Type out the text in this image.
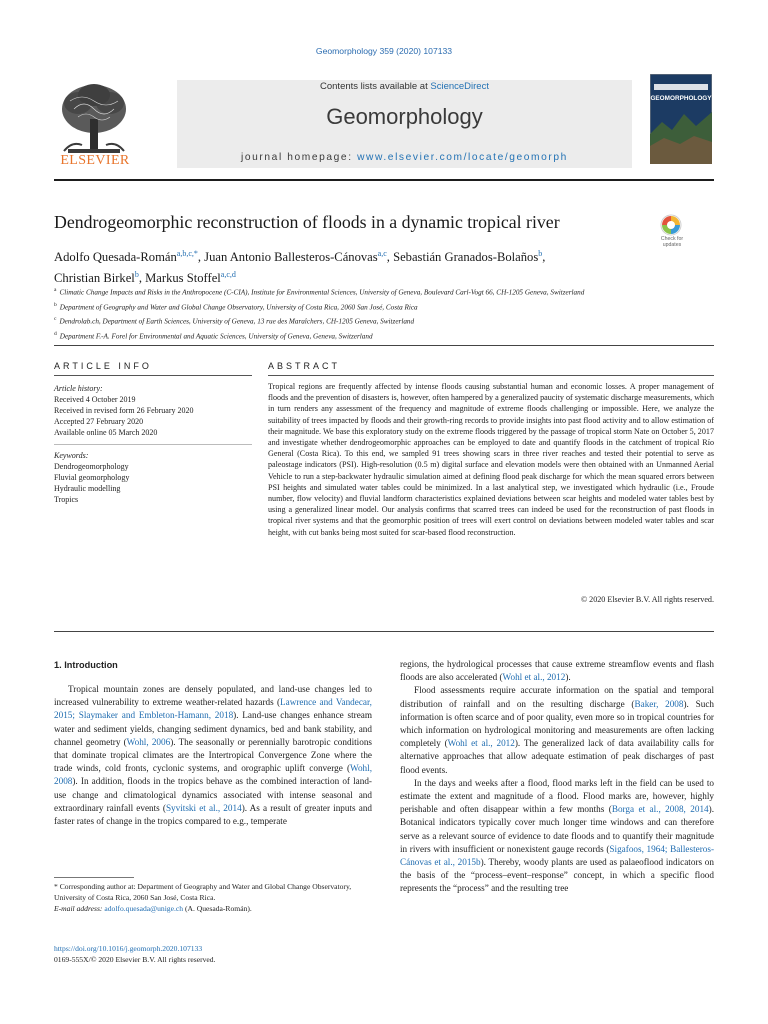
Geomorphology 359 (2020) 107133
ELSEVIER
Contents lists available at ScienceDirect
Geomorphology
journal homepage: www.elsevier.com/locate/geomorph
GEOMORPHOLOGY
Dendrogeomorphic reconstruction of floods in a dynamic tropical river
Check for
updates
Adolfo Quesada-Román$^{a,b,c,*}$, Juan Antonio Ballesteros-Cánovas$^{a,c}$, Sebastián Granados-Bolaños$^b$,
Christian Birkel$^b$, Markus Stoffel$^{a,c,d}$
$^a$ Climatic Change Impacts and Risks in the Anthropocene (C-CIA), Institute for Environmental Sciences, University of Geneva, Boulevard Carl-Vogt 66, CH-1205 Geneva, Switzerland
$^b$ Department of Geography and Water and Global Change Observatory, University of Costa Rica, 2060 San José, Costa Rica
$^c$ Dendrolab.ch, Department of Earth Sciences, University of Geneva, 13 rue des Maraîchers, CH-1205 Geneva, Switzerland
$^d$ Department F.-A. Forel for Environmental and Aquatic Sciences, University of Geneva, Geneva, Switzerland
ARTICLE INFO
Article history:
Received 4 October 2019
Received in revised form 26 February 2020
Accepted 27 February 2020
Available online 05 March 2020
Keywords:
Dendrogeomorphology
Fluvial geomorphology
Hydraulic modelling
Tropics
ABSTRACT
Tropical regions are frequently affected by intense floods causing substantial human and economic losses. A proper management of floods and the prevention of disasters is, however, often hampered by a generalized paucity of systematic discharge measurements, which in turn renders any assessment of the frequency and magnitude of extreme floods challenging or impossible. Here, we analyze the suitability of trees impacted by floods and their growth-ring records to provide insights into past flood activity and to allow estimation of their magnitude. We base this exploratory study on the extreme floods triggered by the passage of tropical storm Nate on October 5, 2017 and investigate whether dendrogeomorphic approaches can be employed to date and quantify floods in the catchment of tropical Río General (Costa Rica). To this end, we sampled 91 trees showing scars in three river reaches and tested their potential to serve as paleostage indicators (PSI). High-resolution (0.5 m) digital surface and elevation models were then obtained with an Unmanned Aerial Vehicle to run a step-backwater hydraulic simulation aimed at defining flood peak discharge for which the mean squared errors between PSI heights and simulated water tables could be minimized. In a last analytical step, we investigated which hydraulic (i.e., Froude number, flow velocity) and fluvial landform characteristics explained deviations between scar heights and modeled water tables best by using a generalized linear model. Our analysis confirms that scarred trees can indeed be used for the reconstruction of past floods in tropical river systems and that the geomorphic position of trees will exert control on deviations between modeled water tables and scar height, with cut banks being most suited for scar-based flood reconstruction.
© 2020 Elsevier B.V. All rights reserved.
1. Introduction

Tropical mountain zones are densely populated, and land-use changes led to increased vulnerability to extreme weather-related hazards (Lawrence and Vandecar, 2015; Slaymaker and Embleton-Hamann, 2018). Land-use changes enhance stream water and sediment yields, changing sediment dynamics, bed and bank stability, and channel geometry (Wohl, 2006). The seasonally or perennially barotropic conditions that dominate tropical climates are the Intertropical Convergence Zone where the trade winds, cold fronts, cyclonic systems, and orographic uplift converge (Wohl, 2008). In addition, floods in the tropics behave as the combined interaction of land-use change and climatological dynamics associated with intense seasonal and extraordinary rainfall events (Syvitski et al., 2014). As a result of greater inputs and faster rates of change in the tropics compared to e.g., temperate

regions, the hydrological processes that cause extreme streamflow events and flash floods are also accelerated (Wohl et al., 2012).

Flood assessments require accurate information on the spatial and temporal distribution of rainfall and on the resulting discharge (Baker, 2008). Such information is often scarce and of poor quality, even more so in tropical countries for which information on hydrological monitoring and measurements are often lacking completely (Wohl et al., 2012). The generalized lack of data availability calls for alternative approaches that allow adequate estimation of peak discharges of past flood events.

In the days and weeks after a flood, flood marks left in the field can be used to estimate the extent and magnitude of a flood. Flood marks are, however, highly perishable and often disappear within a few months (Borga et al., 2008, 2014). Botanical indicators typically cover much longer time windows and can therefore serve as a relevant source of evidence to date floods and to quantify their magnitude in rivers with insufficient or nonexistent gauge records (Sigafoos, 1964; Ballesteros-Cánovas et al., 2015b). Thereby, woody plants are used as palaeoflood indicators on the basis of the “process–event–response” concept, in which a specific flood represents the “process” and the resulting tree

* Corresponding author at: Department of Geography and Water and Global Change Observatory, University of Costa Rica, 2060 San José, Costa Rica.
E-mail address: adolfo.quesada@unige.ch (A. Quesada-Román).
https://doi.org/10.1016/j.geomorph.2020.107133
0169-555X/© 2020 Elsevier B.V. All rights reserved.
